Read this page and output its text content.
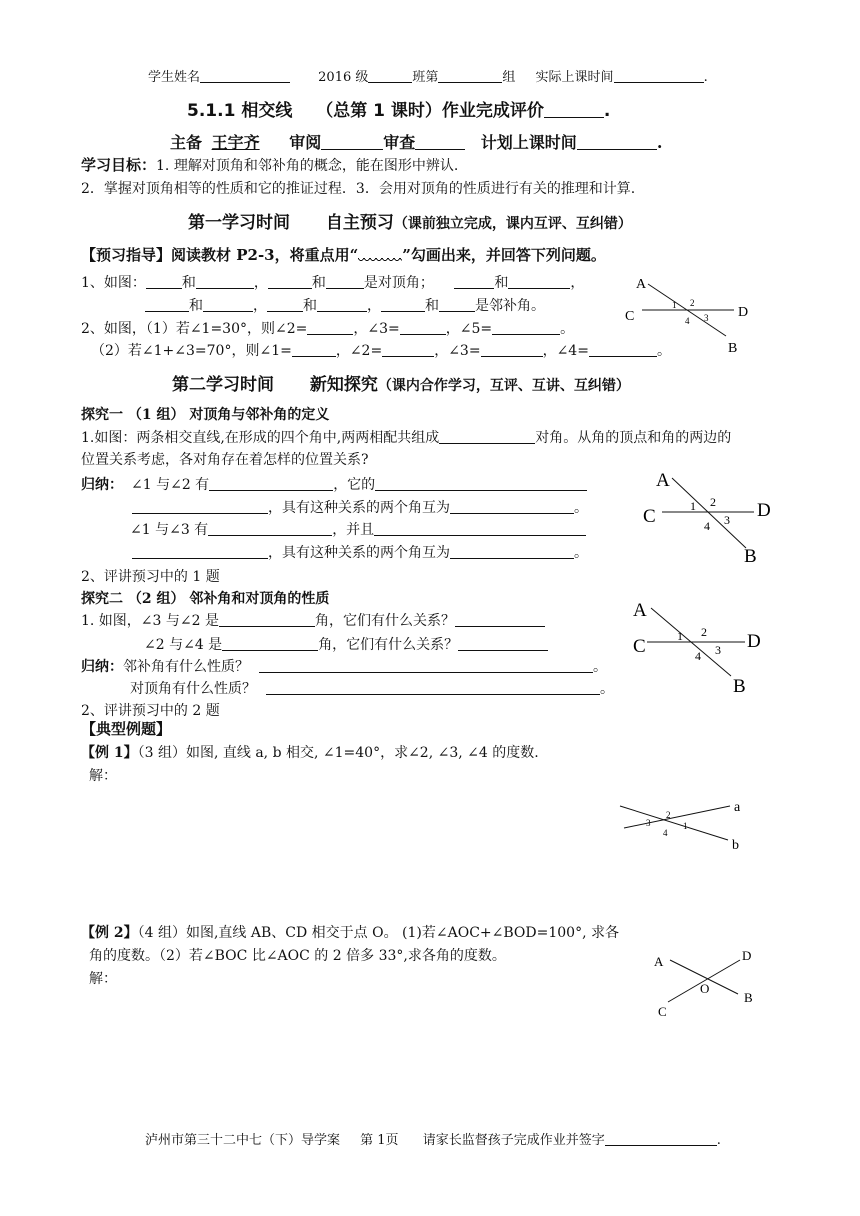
学生姓名	2016 级	班第	组 实际上课时间	.
5.1.1 相交线 （总第 1 课时）作业完成评价	.
主备 王宇齐 审阅	审查	计划上课时间	.
学习目标：1. 理解对顶角和邻补角的概念，能在图形中辨认.
2．掌握对顶角相等的性质和它的推证过程．3．会用对顶角的性质进行有关的推理和计算.
第一学习时间 自主预习（课前独立完成，课内互评、互纠错）
【预习指导】阅读教材 P2-3，将重点用“	”勾画出来，并回答下列问题。
1、如图：	和	，	和	是对顶角；	和	，
和	，	和	，	和	是邻补角。
2、如图，（1）若∠1=30°，则∠2=	，∠3=	，∠5=	。
（2）若∠1+∠3=70°，则∠1=	，∠2=	，∠3=	，∠4=	。
A
B
C	D
1 2
3
4
第二学习时间 新知探究（课内合作学习，互评、互讲、互纠错）
探究一 （1 组） 对顶角与邻补角的定义
1.如图：两条相交直线,在形成的四个角中,两两相配共组成	对角。从角的顶点和角的两边的
位置关系考虑，各对角存在着怎样的位置关系?
归纳： ∠1 与∠2 有	，它的
，具有这种关系的两个角互为	。
∠1 与∠3 有	，并且
，具有这种关系的两个角互为	。
2、评讲预习中的 1 题
A
B
C	D
1 2
3
4
探究二 （2 组） 邻补角和对顶角的性质
1. 如图，∠3 与∠2 是	角，它们有什么关系？
∠2 与∠4 是	角，它们有什么关系？
归纳：邻补角有什么性质？	。
对顶角有什么性质？	。
2、评讲预习中的 2 题
A
B
C	D
1 2
3
4
【典型例题】
【例 1】（3 组）如图, 直线 a, b 相交, ∠1=40°，求∠2, ∠3, ∠4 的度数.
解：
a
b
1
2
3
4
【例 2】（4 组）如图,直线 AB、CD 相交于点 O。 (1)若∠AOC+∠BOD=100°, 求各
角的度数。（2）若∠BOC 比∠AOC 的 2 倍多 33°,求各角的度数。
解：
A
B
C
D
O
泸州市第三十二中七（下）导学案 第 1页 请家长监督孩子完成作业并签字	.
